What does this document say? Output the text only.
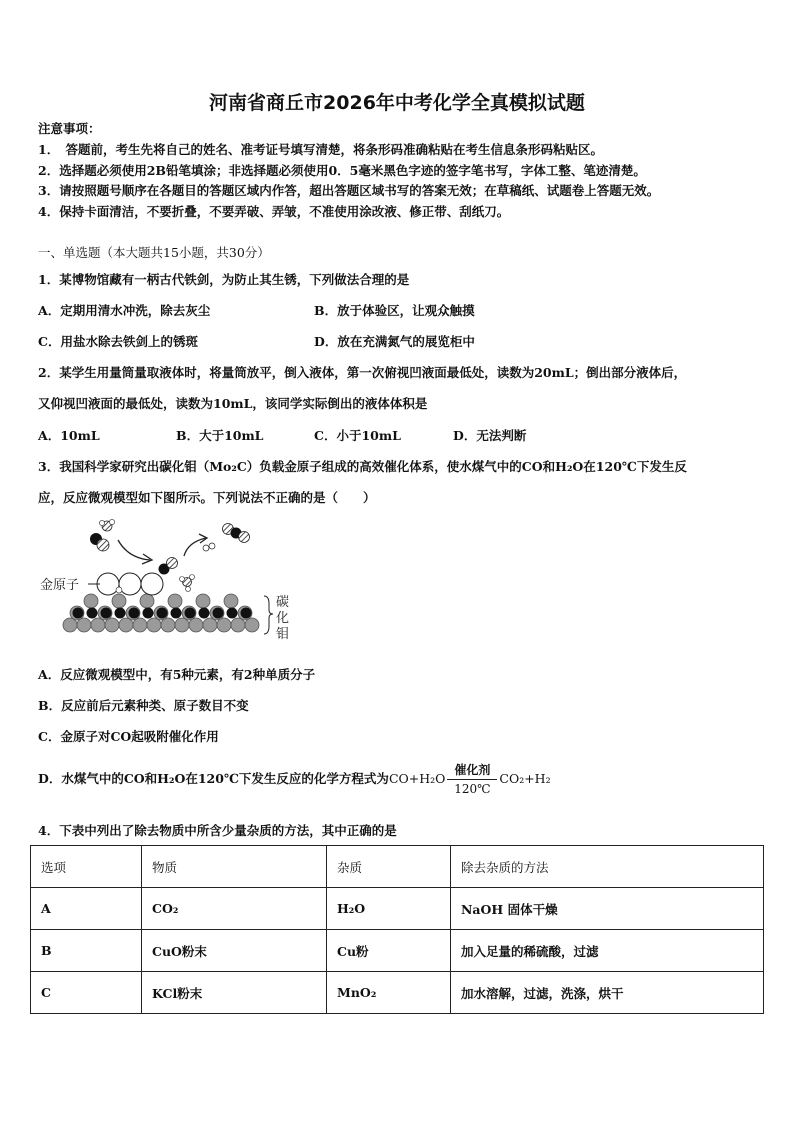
河南省商丘市2026年中考化学全真模拟试题
注意事项：
1．　答题前，考生先将自己的姓名、准考证号填写清楚，将条形码准确粘贴在考生信息条形码粘贴区。
2．选择题必须使用2B铅笔填涂；非选择题必须使用0．5毫米黑色字迹的签字笔书写，字体工整、笔迹清楚。
3．请按照题号顺序在各题目的答题区域内作答，超出答题区域书写的答案无效；在草稿纸、试题卷上答题无效。
4．保持卡面清洁，不要折叠，不要弄破、弄皱，不准使用涂改液、修正带、刮纸刀。
一、单选题（本大题共15小题，共30分）
1．某博物馆藏有一柄古代铁剑，为防止其生锈，下列做法合理的是
A．定期用清水冲洗，除去灰尘	B．放于体验区，让观众触摸
C．用盐水除去铁剑上的锈斑	D．放在充满氮气的展览柜中
2．某学生用量筒量取液体时，将量筒放平，倒入液体，第一次俯视凹液面最低处，读数为20mL；倒出部分液体后，
又仰视凹液面的最低处，读数为10mL，该同学实际倒出的液体体积是
A．10mL	B．大于10mL	C．小于10mL	D．无法判断
3．我国科学家研究出碳化钼（Mo₂C）负载金原子组成的高效催化体系，使水煤气中的CO和H₂O在120℃下发生反
应，反应微观模型如下图所示。下列说法不正确的是（　　）
金原子
碳
化
钼
A．反应微观模型中，有5种元素，有2种单质分子
B．反应前后元素种类、原子数目不变
C．金原子对CO起吸附催化作用
D．水煤气中的CO和H₂O在120℃下发生反应的化学方程式为 $CO+H_2O \frac{\text{催化剂}}{120℃} CO_2+H_2$
4．下表中列出了除去物质中所含少量杂质的方法，其中正确的是
选项	物质	杂质	除去杂质的方法
A	CO₂	H₂O	NaOH 固体干燥
B	CuO粉末	Cu粉	加入足量的稀硫酸，过滤
C	KCl粉末	MnO₂	加水溶解，过滤，洗涤，烘干
